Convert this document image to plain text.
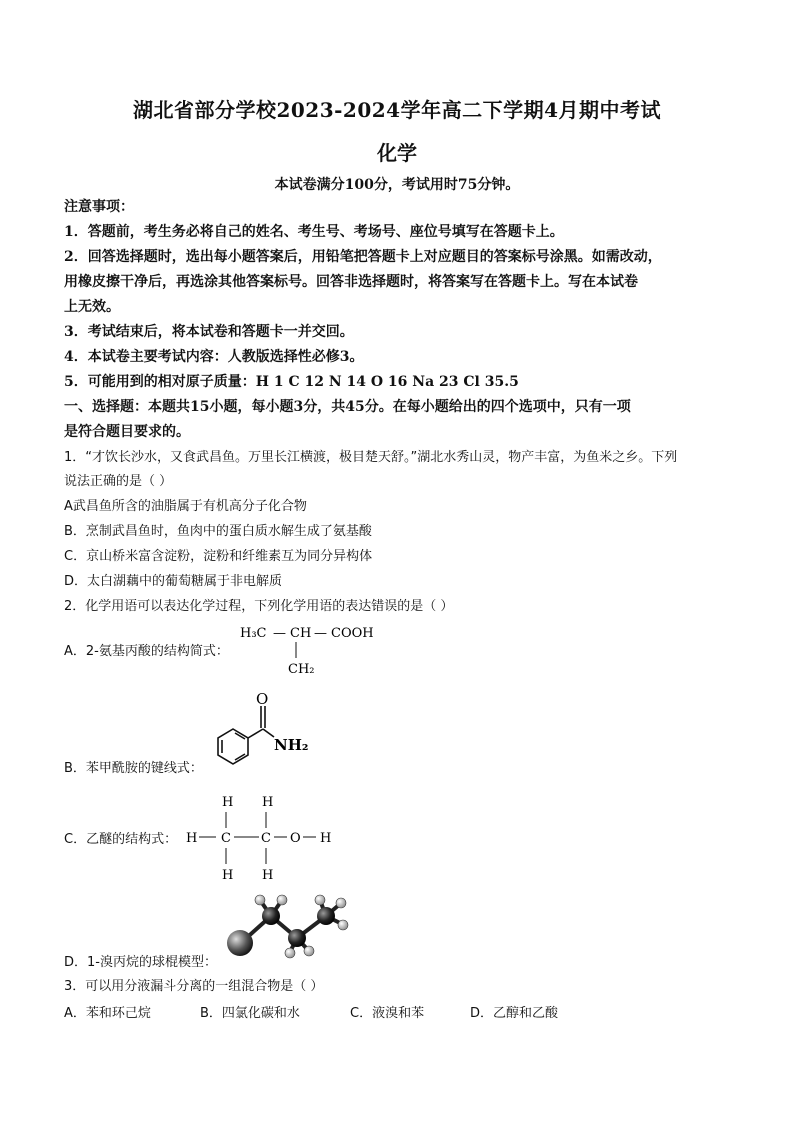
湖北省部分学校2023-2024学年高二下学期4月期中考试
化学
本试卷满分100分，考试用时75分钟。
注意事项：
1．答题前，考生务必将自己的姓名、考生号、考场号、座位号填写在答题卡上。
2．回答选择题时，选出每小题答案后，用铅笔把答题卡上对应题目的答案标号涂黑。如需改动，
用橡皮擦干净后，再选涂其他答案标号。回答非选择题时，将答案写在答题卡上。写在本试卷
上无效。
3．考试结束后，将本试卷和答题卡一并交回。
4．本试卷主要考试内容：人教版选择性必修3。
5．可能用到的相对原子质量：H 1 C 12 N 14 O 16 Na 23 Cl 35.5
一、选择题：本题共15小题，每小题3分，共45分。在每小题给出的四个选项中，只有一项
是符合题目要求的。
1．“才饮长沙水，又食武昌鱼。万里长江横渡，极目楚天舒。”湖北水秀山灵，物产丰富，为鱼米之乡。下列
说法正确的是（ ）
A武昌鱼所含的油脂属于有机高分子化合物
B．烹制武昌鱼时，鱼肉中的蛋白质水解生成了氨基酸
C．京山桥米富含淀粉，淀粉和纤维素互为同分异构体
D．太白湖藕中的葡萄糖属于非电解质
2．化学用语可以表达化学过程，下列化学用语的表达错误的是（ ）
A．2-氨基丙酸的结构简式：
H₃C — CH — COOH
CH₂
O
NH₂
B．苯甲酰胺的键线式：
H H
H C C O H
H H
C．乙醚的结构式：
D．1-溴丙烷的球棍模型：
3．可以用分液漏斗分离的一组混合物是（ ）
A．苯和环己烷	B．四氯化碳和水	C．液溴和苯	D．乙醇和乙酸
